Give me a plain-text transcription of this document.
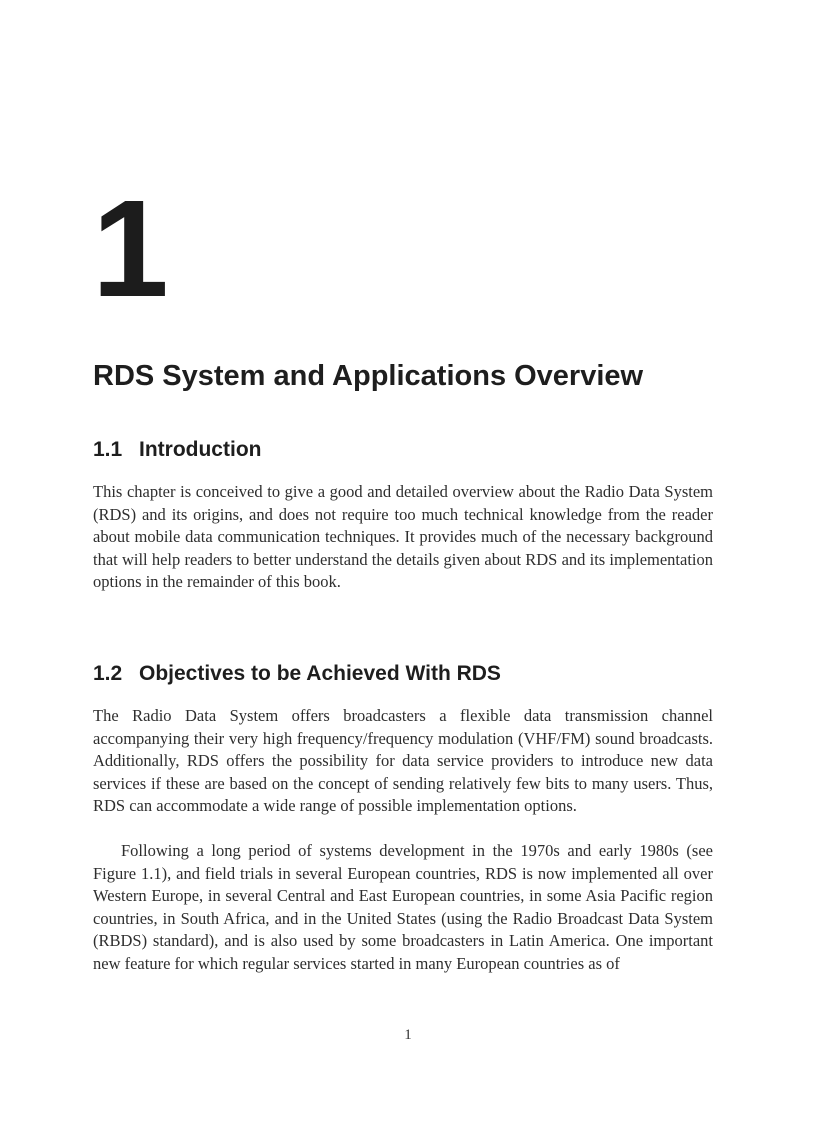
1
RDS System and Applications Overview
1.1 Introduction

This chapter is conceived to give a good and detailed overview about the Radio Data System (RDS) and its origins, and does not require too much technical knowledge from the reader about mobile data communication techniques. It provides much of the necessary background that will help readers to better understand the details given about RDS and its implementation options in the remainder of this book.

1.2 Objectives to be Achieved With RDS

The Radio Data System offers broadcasters a flexible data transmission channel accompanying their very high frequency/frequency modulation (VHF/FM) sound broadcasts. Additionally, RDS offers the possibility for data service providers to introduce new data services if these are based on the concept of sending relatively few bits to many users. Thus, RDS can accommodate a wide range of possible implementation options.

Following a long period of systems development in the 1970s and early 1980s (see Figure 1.1), and field trials in several European countries, RDS is now implemented all over Western Europe, in several Central and East European countries, in some Asia Pacific region countries, in South Africa, and in the United States (using the Radio Broadcast Data System (RBDS) standard), and is also used by some broadcasters in Latin America. One important new feature for which regular services started in many European countries as of

1
